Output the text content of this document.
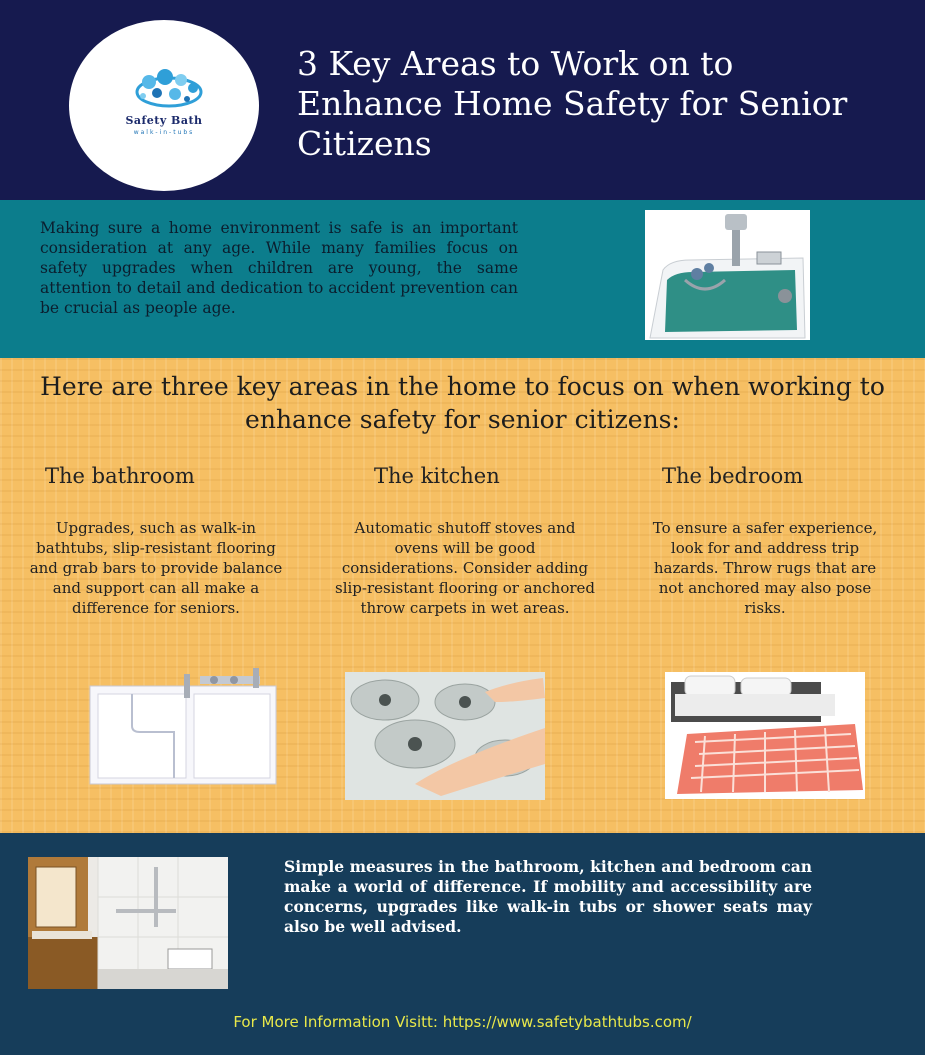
Safety Bath
walk-in-tubs
3 Key Areas to Work on to Enhance Home Safety for Senior Citizens

Making sure a home environment is safe is an important consideration at any age. While many families focus on safety upgrades when children are young, the same attention to detail and dedication to accident prevention can be crucial as people age.

Here are three key areas in the home to focus on when working to enhance safety for senior citizens:
The bathroom

Upgrades, such as walk-in bathtubs, slip-resistant flooring and grab bars to provide balance and support can all make a difference for seniors.

The kitchen

Automatic shutoff stoves and ovens will be good considerations. Consider adding slip-resistant flooring or anchored throw carpets in wet areas.

The bedroom

To ensure a safer experience, look for and address trip hazards. Throw rugs that are not anchored may also pose risks.

Simple measures in the bathroom, kitchen and bedroom can make a world of difference. If mobility and accessibility are concerns, upgrades like walk-in tubs or shower seats may also be well advised.

For More Information Visitt: https://www.safetybathtubs.com/
